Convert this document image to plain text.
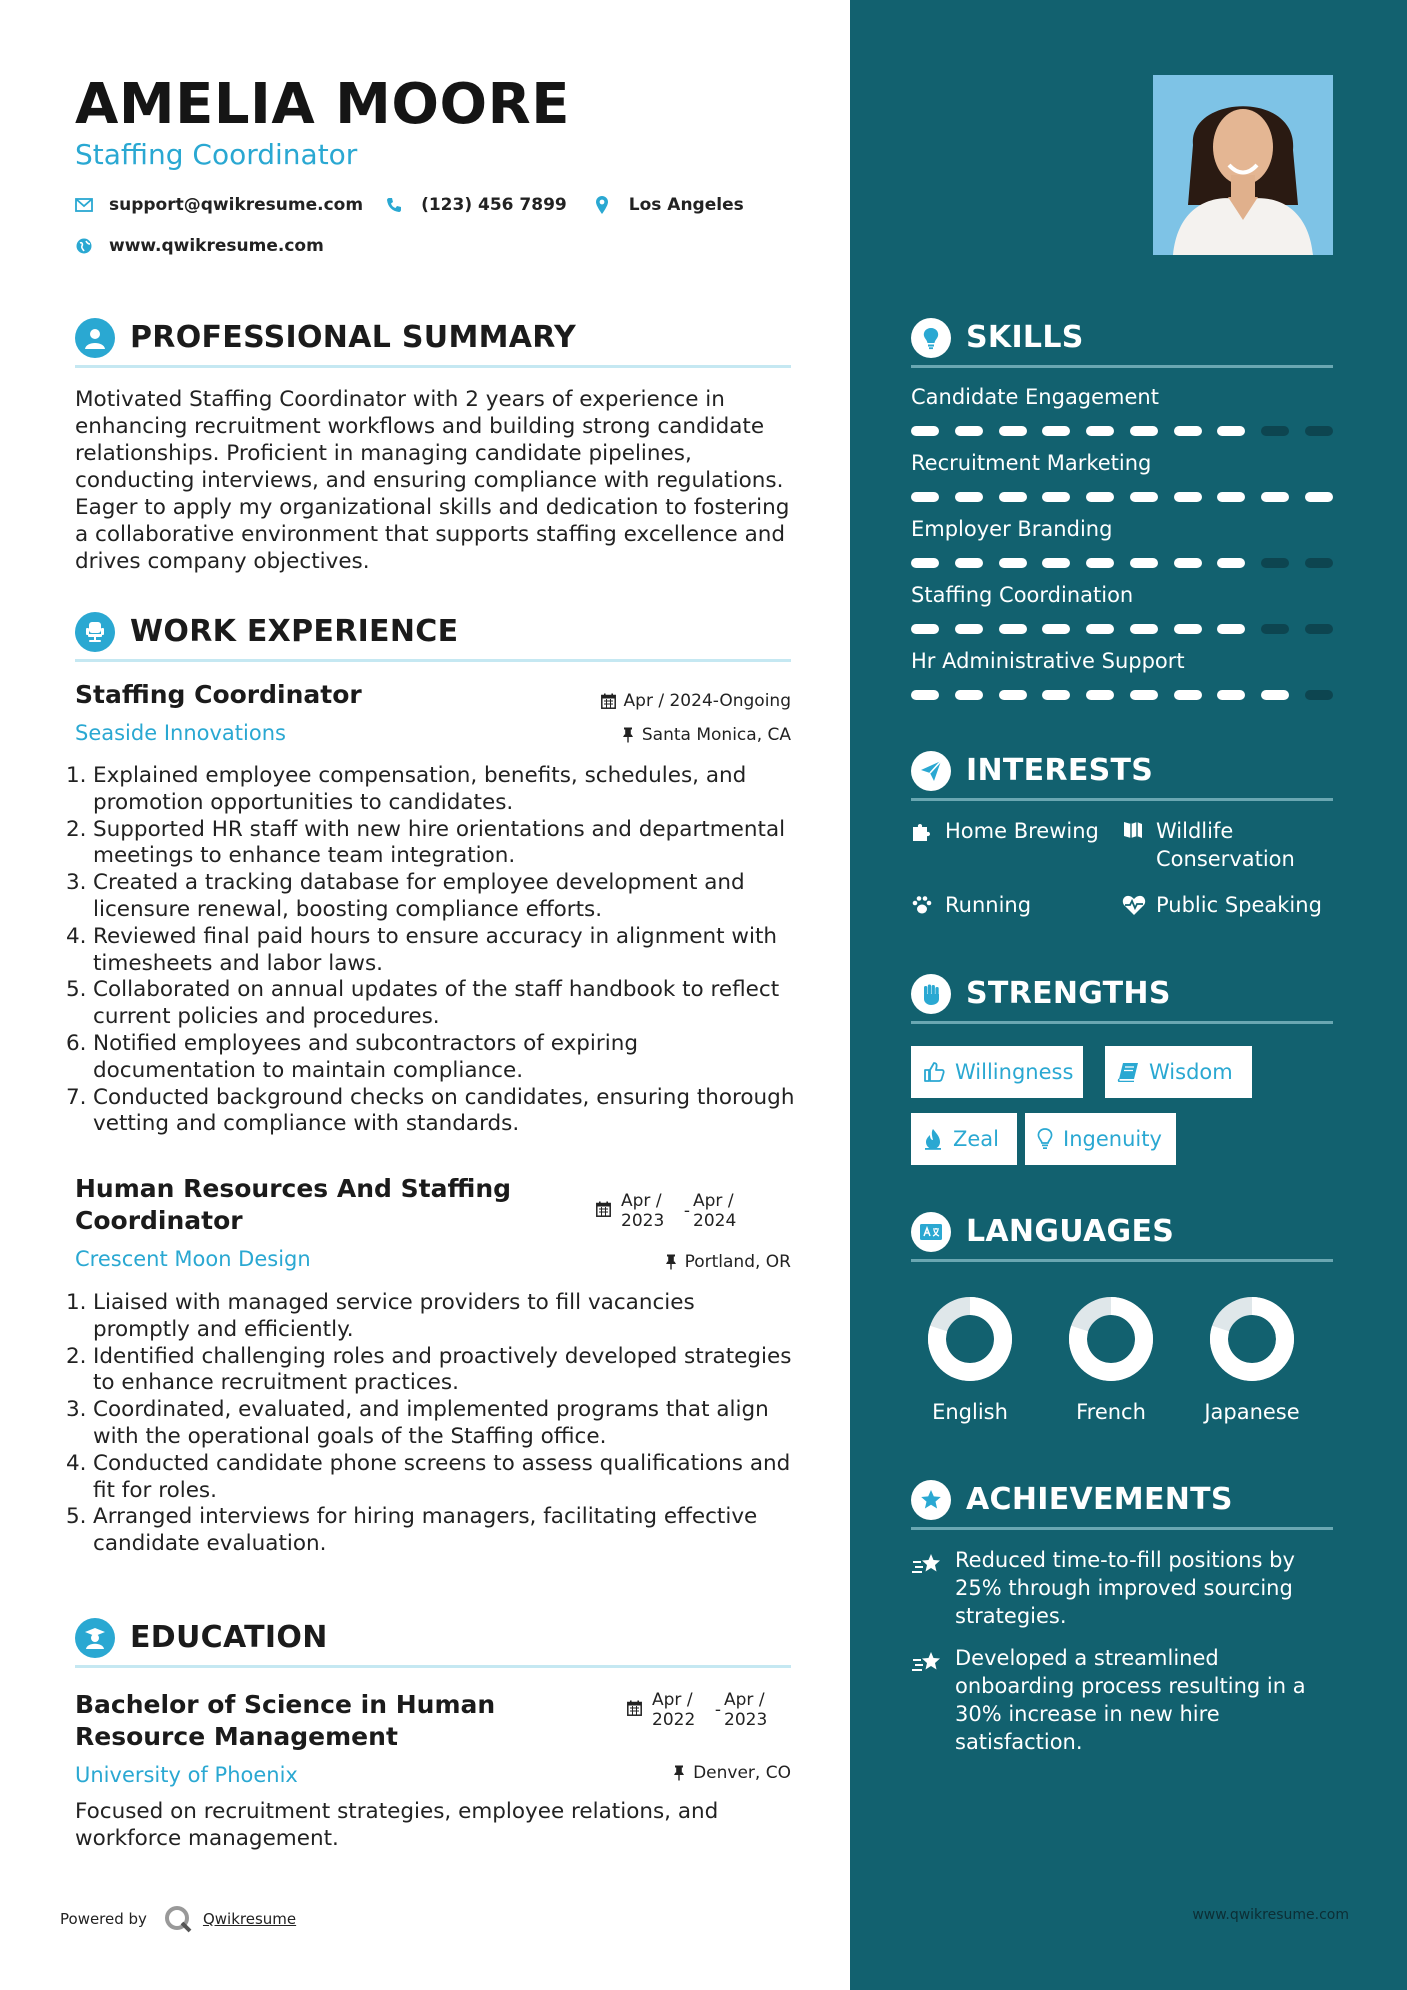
AMELIA MOORE
Staffing Coordinator
support@qwikresume.com	(123) 456 7899	Los Angeles
www.qwikresume.com
PROFESSIONAL SUMMARY
Motivated Staffing Coordinator with 2 years of experience in enhancing recruitment workflows and building strong candidate relationships. Proficient in managing candidate pipelines, conducting interviews, and ensuring compliance with regulations. Eager to apply my organizational skills and dedication to fostering a collaborative environment that supports staffing excellence and drives company objectives.
WORK EXPERIENCE
Staffing Coordinator	Apr / 2024-Ongoing
Seaside Innovations	Santa Monica, CA
1. Explained employee compensation, benefits, schedules, and promotion opportunities to candidates.
2. Supported HR staff with new hire orientations and departmental meetings to enhance team integration.
3. Created a tracking database for employee development and licensure renewal, boosting compliance efforts.
4. Reviewed final paid hours to ensure accuracy in alignment with timesheets and labor laws.
5. Collaborated on annual updates of the staff handbook to reflect current policies and procedures.
6. Notified employees and subcontractors of expiring documentation to maintain compliance.
7. Conducted background checks on candidates, ensuring thorough vetting and compliance with standards.
Human Resources And Staffing
Coordinator
Apr /
2023	- Apr /
2024
Crescent Moon Design	Portland, OR
1. Liaised with managed service providers to fill vacancies promptly and efficiently.
2. Identified challenging roles and proactively developed strategies to enhance recruitment practices.
3. Coordinated, evaluated, and implemented programs that align with the operational goals of the Staffing office.
4. Conducted candidate phone screens to assess qualifications and fit for roles.
5. Arranged interviews for hiring managers, facilitating effective candidate evaluation.
EDUCATION
Bachelor of Science in Human
Resource Management
Apr /
2022	- Apr /
2023
University of Phoenix	Denver, CO
Focused on recruitment strategies, employee relations, and workforce management.
Powered by	Qwikresume
SKILLS
Candidate Engagement
Recruitment Marketing
Employer Branding
Staffing Coordination
Hr Administrative Support
INTERESTS
Home Brewing	Wildlife
Conservation
Running	Public Speaking
STRENGTHS
Willingness	Wisdom
Zeal	Ingenuity
LANGUAGES
English	French	Japanese
ACHIEVEMENTS
Reduced time-to-fill positions by 25% through improved sourcing strategies.
Developed a streamlined onboarding process resulting in a 30% increase in new hire satisfaction.
www.qwikresume.com
